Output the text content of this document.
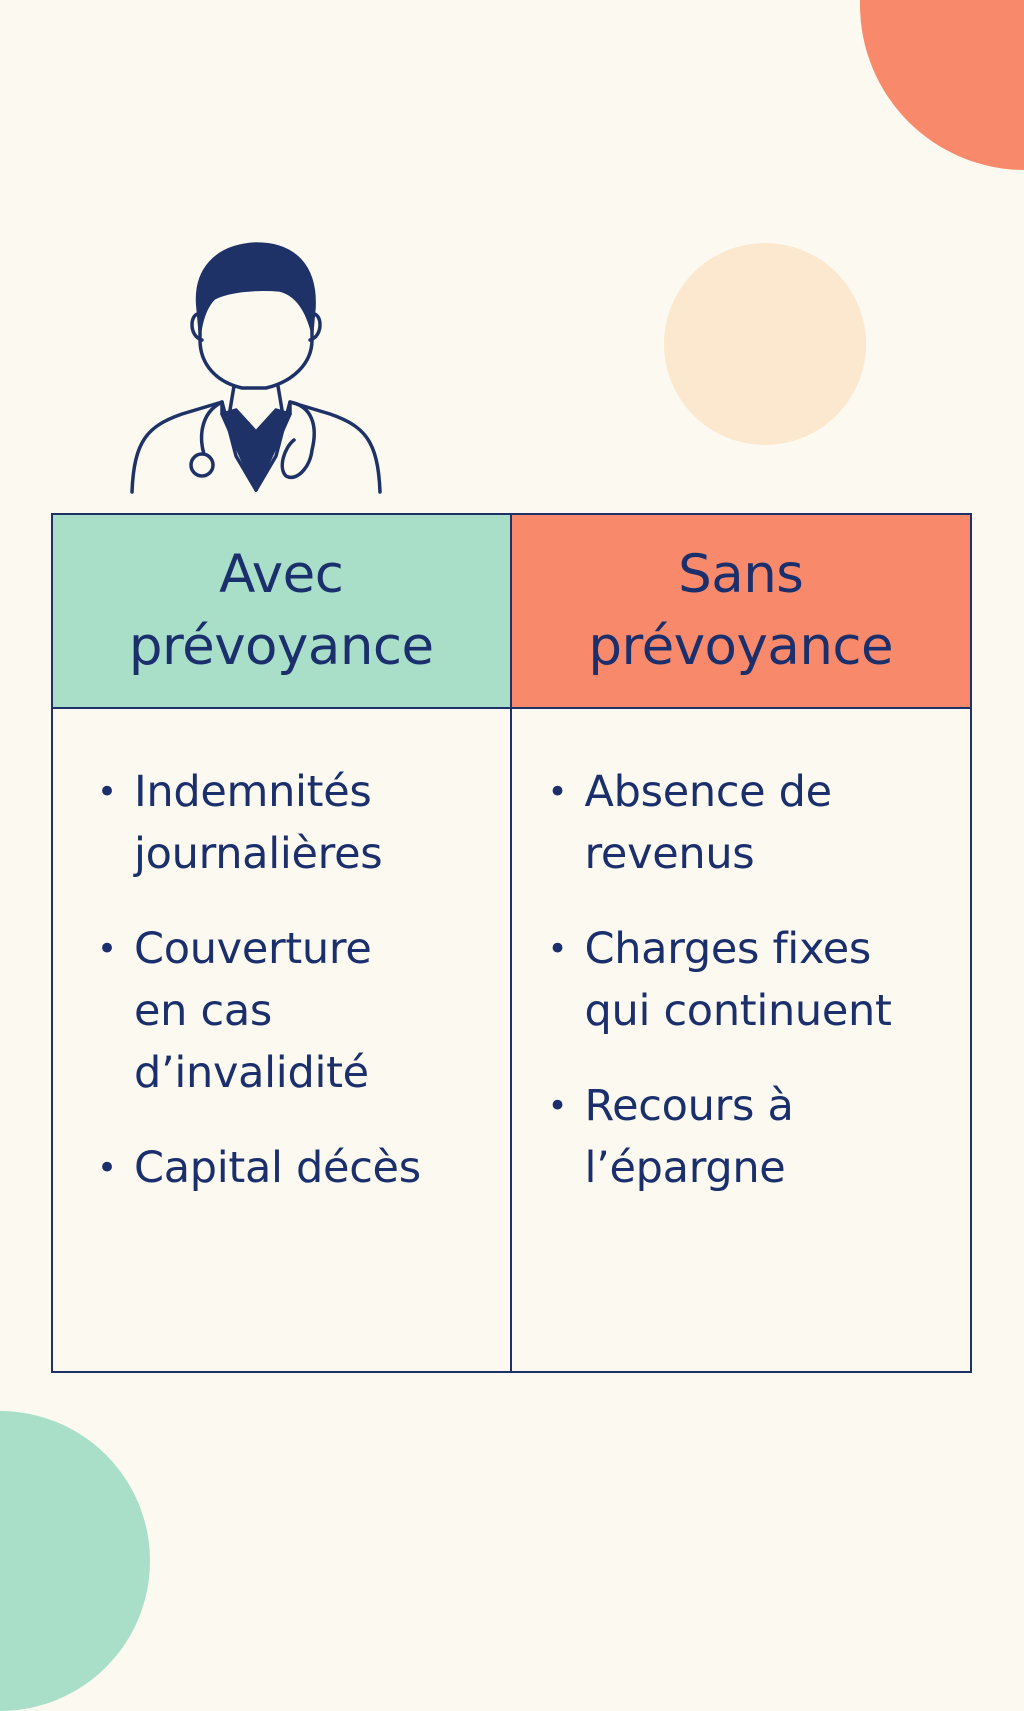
Avec prévoyance
Sans prévoyance
• Indemnités journalières
• Couverture en cas d’invalidité
• Capital décès
• Absence de revenus
• Charges fixes qui continuent
• Recours à l’épargne
